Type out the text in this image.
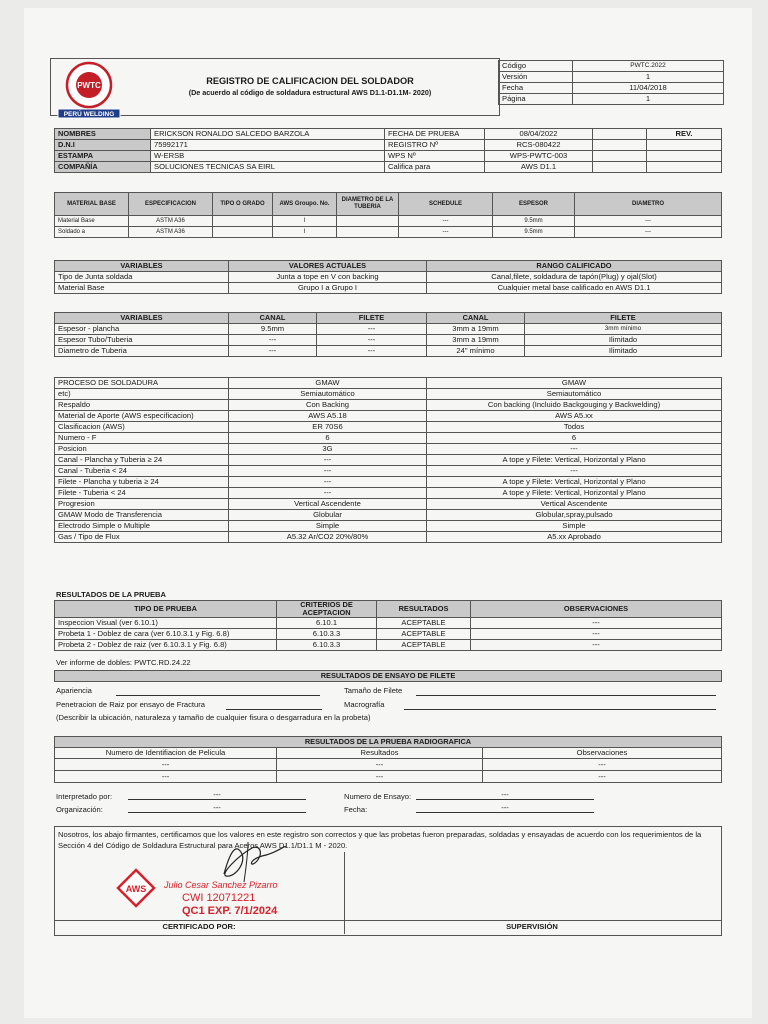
PWTC
PERÚ WELDING
REGISTRO DE CALIFICACION DEL SOLDADOR
(De acuerdo al código de soldadura estructural AWS D1.1-D1.1M- 2020)
Código	PWTC.2022
Versión	1
Fecha	11/04/2018
Página	1
NOMBRES	ERICKSON RONALDO SALCEDO BARZOLA	FECHA DE PRUEBA	08/04/2022		REV.
D.N.I	75992171	REGISTRO Nº	RCS-080422		
ESTAMPA	W-ERSB	WPS Nº	WPS-PWTC-003		
COMPAÑÍA	SOLUCIONES TECNICAS SA EIRL	Califica para	AWS D1.1		
MATERIAL BASE	ESPECIFICACION	TIPO O GRADO	AWS Groupo. No.	DIAMETRO DE LA TUBERIA	SCHEDULE	ESPESOR	DIAMETRO
Material Base	ASTM A36		I		---	9.5mm	---
Soldado a	ASTM A36		I		---	9.5mm	---
VARIABLES	VALORES ACTUALES	RANGO CALIFICADO
Tipo de Junta soldada	Junta a tope en V con backing	Canal,filete, soldadura de tapón(Plug) y ojal(Slot)
Material Base	Grupo I a Grupo I	Cualquier metal base calificado en AWS D1.1
VARIABLES	CANAL	FILETE	CANAL	FILETE
Espesor - plancha	9.5mm	---	3mm a 19mm	3mm mínimo
Espesor Tubo/Tuberia	---	---	3mm a 19mm	Ilimitado
Diametro de Tuberia	---	---	24" mínimo	Ilimitado
PROCESO DE SOLDADURA	GMAW	GMAW
etc)	Semiautomático	Semiautomático
Respaldo	Con Backing	Con backing (Incluido Backgouging y Backwelding)
Material de Aporte (AWS especificacion)	AWS A5.18	AWS A5.xx
Clasificacion (AWS)	ER 70S6	Todos
Numero - F	6	6
Posicion	3G	---
Canal - Plancha y Tuberia ≥ 24	---	A tope y Filete: Vertical, Horizontal y Plano
Canal - Tuberia < 24	---	---
Filete - Plancha y tuberia ≥ 24	---	A tope y Filete: Vertical, Horizontal y Plano
Filete - Tuberia < 24	---	A tope y Filete: Vertical, Horizontal y Plano
Progresion	Vertical Ascendente	Vertical Ascendente
GMAW Modo de Transferencia	Globular	Globular,spray,pulsado
Electrodo Simple o Multiple	Simple	Simple
Gas / Tipo de Flux	A5.32 Ar/CO2 20%/80%	A5.xx Aprobado
RESULTADOS DE LA PRUEBA
TIPO DE PRUEBA	CRITERIOS DE ACEPTACION	RESULTADOS	OBSERVACIONES
Inspeccion Visual (ver 6.10.1)	6.10.1	ACEPTABLE	---
Probeta 1 - Doblez de cara (ver 6.10.3.1 y Fig. 6.8)	6.10.3.3	ACEPTABLE	---
Probeta 2 - Doblez de raiz (ver 6.10.3.1 y Fig. 6.8)	6.10.3.3	ACEPTABLE	---
Ver informe de dobles: PWTC.RD.24.22
RESULTADOS DE ENSAYO DE FILETE
Apariencia	Tamaño de Filete
Penetracion de Raiz por ensayo de Fractura	Macrografía
(Describir la ubicación, naturaleza y tamaño de cualquier fisura o desgarradura en la probeta)
RESULTADOS DE LA PRUEBA RADIOGRAFICA		
Numero de Identifiacion de Pelicula	Resultados	Observaciones
---	---	---
---	---	---
Interpretado por:	---	Numero de Ensayo:	---
Organización:	---	Fecha:	---
Nosotros, los abajo firmantes, certificamos que los valores en este registro son correctos y que las probetas fueron preparadas, soldadas y ensayadas de acuerdo con los requerimientos de la Sección 4 del Código de Soldadura Estructural para Aceros AWS D1.1/D1.1 M - 2020.
AWS Julio Cesar Sanchez Pizarro
CWI 12071221
QC1 EXP. 7/1/2024
CERTIFICADO POR:	SUPERVISIÓN
